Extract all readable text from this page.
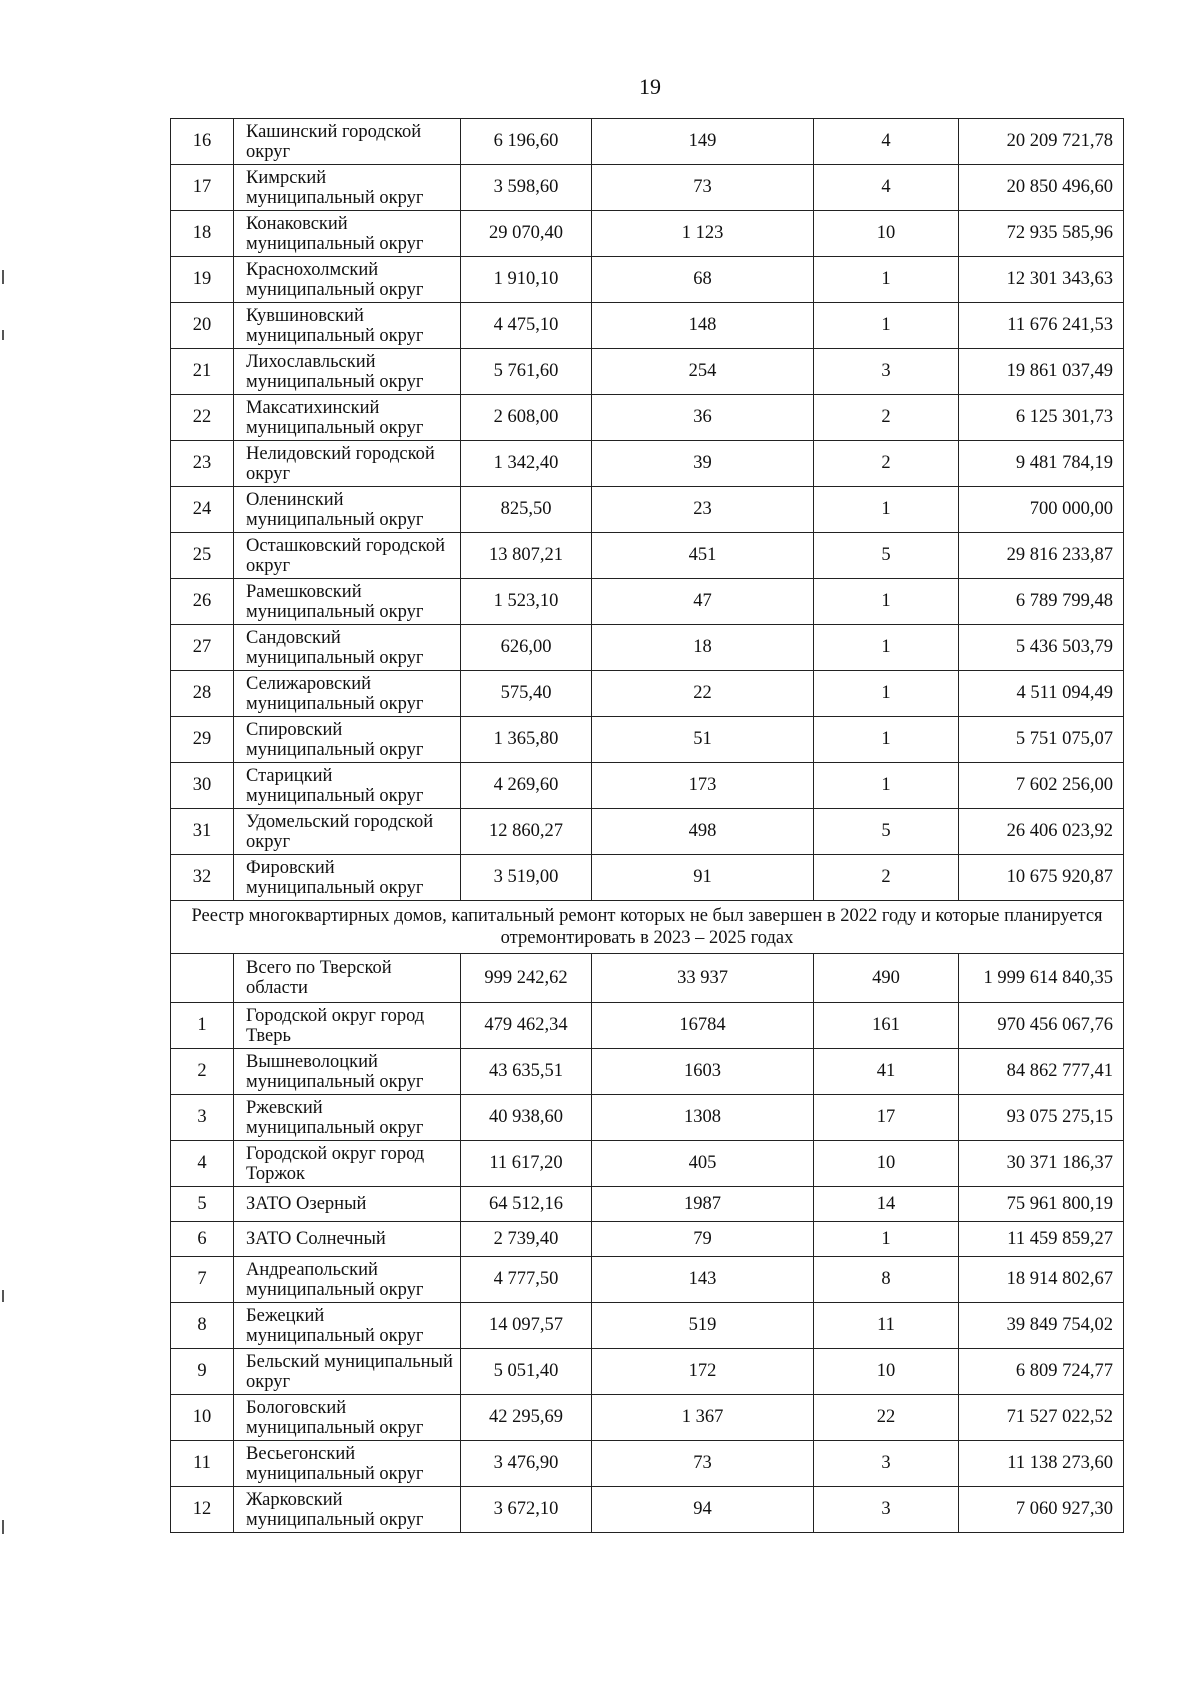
19
16	Кашинский городской округ	6 196,60	149	4	20 209 721,78
17	Кимрский муниципальный округ	3 598,60	73	4	20 850 496,60
18	Конаковский муниципальный округ	29 070,40	1 123	10	72 935 585,96
19	Краснохолмский муниципальный округ	1 910,10	68	1	12 301 343,63
20	Кувшиновский муниципальный округ	4 475,10	148	1	11 676 241,53
21	Лихославльский муниципальный округ	5 761,60	254	3	19 861 037,49
22	Максатихинский муниципальный округ	2 608,00	36	2	6 125 301,73
23	Нелидовский городской округ	1 342,40	39	2	9 481 784,19
24	Оленинский муниципальный округ	825,50	23	1	700 000,00
25	Осташковский городской округ	13 807,21	451	5	29 816 233,87
26	Рамешковский муниципальный округ	1 523,10	47	1	6 789 799,48
27	Сандовский муниципальный округ	626,00	18	1	5 436 503,79
28	Селижаровский муниципальный округ	575,40	22	1	4 511 094,49
29	Спировский муниципальный округ	1 365,80	51	1	5 751 075,07
30	Старицкий муниципальный округ	4 269,60	173	1	7 602 256,00
31	Удомельский городской округ	12 860,27	498	5	26 406 023,92
32	Фировский муниципальный округ	3 519,00	91	2	10 675 920,87
Реестр многоквартирных домов, капитальный ремонт которых не был завершен в 2022 году и которые планируется отремонтировать в 2023 – 2025 годах					
	Всего по Тверской области	999 242,62	33 937	490	1 999 614 840,35
1	Городской округ город Тверь	479 462,34	16784	161	970 456 067,76
2	Вышневолоцкий муниципальный округ	43 635,51	1603	41	84 862 777,41
3	Ржевский муниципальный округ	40 938,60	1308	17	93 075 275,15
4	Городской округ город Торжок	11 617,20	405	10	30 371 186,37
5	ЗАТО Озерный	64 512,16	1987	14	75 961 800,19
6	ЗАТО Солнечный	2 739,40	79	1	11 459 859,27
7	Андреапольский муниципальный округ	4 777,50	143	8	18 914 802,67
8	Бежецкий муниципальный округ	14 097,57	519	11	39 849 754,02
9	Бельский муниципальный округ	5 051,40	172	10	6 809 724,77
10	Бологовский муниципальный округ	42 295,69	1 367	22	71 527 022,52
11	Весьегонский муниципальный округ	3 476,90	73	3	11 138 273,60
12	Жарковский муниципальный округ	3 672,10	94	3	7 060 927,30
